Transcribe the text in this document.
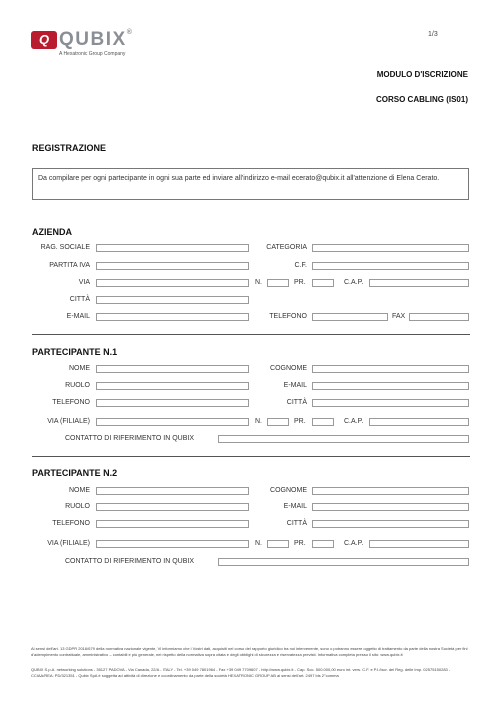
Q QUBIX®
A Hexatronic Group Company
1/3
MODULO D'ISCRIZIONE
CORSO CABLING (IS01)
REGISTRAZIONE
Da compilare per ogni partecipante in ogni sua parte ed inviare all'indirizzo e-mail ecerato@qubix.it all'attenzione di Elena Cerato.
AZIENDA
RAG. SOCIALE	CATEGORIA
PARTITA IVA	C.F.
VIA	N.	PR.	C.A.P.
CITTÀ
E-MAIL	TELEFONO	FAX
PARTECIPANTE N.1
NOME	COGNOME
RUOLO	E-MAIL
TELEFONO	CITTÀ
VIA (FILIALE)	N.	PR.	C.A.P.
CONTATTO DI RIFERIMENTO IN QUBIX
PARTECIPANTE N.2
NOME	COGNOME
RUOLO	E-MAIL
TELEFONO	CITTÀ
VIA (FILIALE)	N.	PR.	C.A.P.
CONTATTO DI RIFERIMENTO IN QUBIX
Ai sensi dell'art. 13 GDPR 2016/679 della normativa nazionale vigente, Vi informiamo che i Vostri dati, acquisiti nel corso del rapporto giuridico tra noi intervenente, sono o potranno essere oggetto di trattamento da parte della nostra Società per fini d'adempimento contrattuale, amministrativo – contabili e più generale, nel rispetto della normativa sopra citata e degli obblighi di sicurezza e riservatezza previsti. Informativa completa presso il sito: www.qubix.it
QUBIX S.p.A. networking solutions - 35127 PADOVA - Via Canada, 22/A - ITALY - Tel. +39 049 7801964 - Fax +39 049 7709607 - http://www.qubix.it - Cap. Soc. 500.000,00 euro int. vers. C.F. e P.I./Iscr. del Reg. delle Imp. 02575150283 - CCIAA/REA: PD/321351 - Qubix SpA è soggetta ad attività di direzione e coordinamento da parte della società HEXATRONIC GROUP AB ai sensi dell'art. 2497 bis 2°comma
